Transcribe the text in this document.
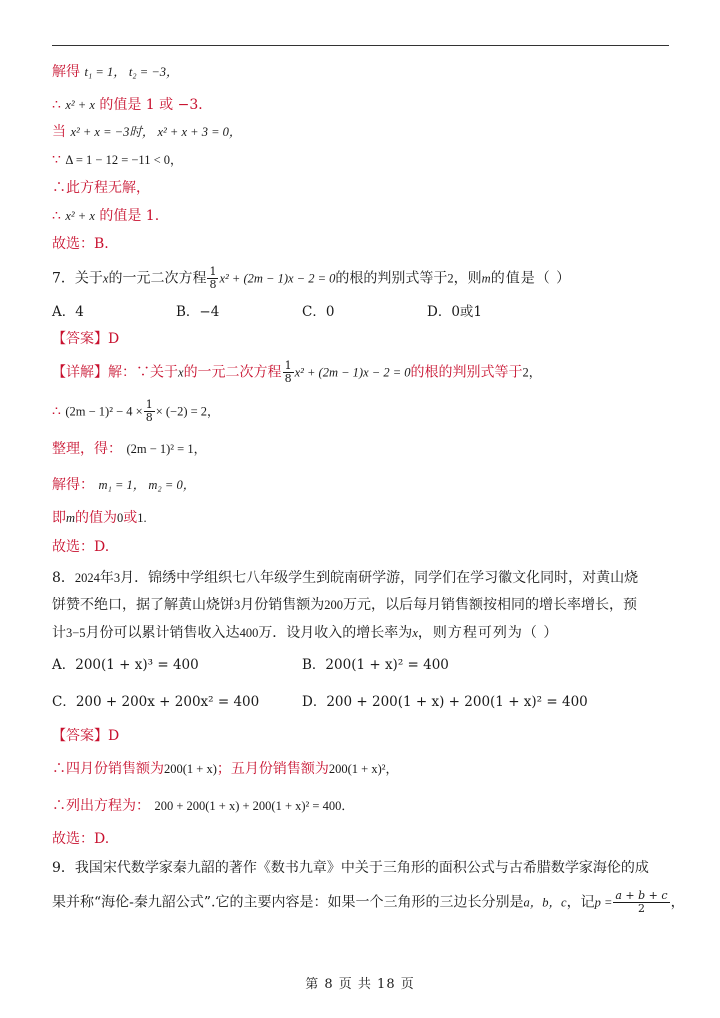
解得 t₁ = 1， t₂ = −3，
∴ x² + x 的值是 1 或 −3．
当 x² + x = −3时， x² + x + 3 = 0，
∵ Δ = 1 − 12 = −11 < 0，
∴此方程无解，
∴ x² + x 的值是 1.
故选：B.
7．关于x的一元二次方程 $\frac{1}{8} x^2 + (2m - 1)x - 2 = 0$的根的判别式等于2，则m的值是（ ）
A．4	B．−4	C．0	D．0或1
【答案】D
【详解】解：∵关于x的一元二次方程 $\frac{1}{8} x^2 + (2m - 1)x - 2 = 0$的根的判别式等于2，
∴ $(2m - 1)^2 - 4 \times \frac{1}{8} \times (-2) = 2$，
整理，得： (2m − 1)² = 1，
解得： m₁ = 1， m₂ = 0，
即m的值为0或1.
故选：D.
8．2024年3月．锦绣中学组织七八年级学生到皖南研学游，同学们在学习徽文化同时，对黄山烧
饼赞不绝口，据了解黄山烧饼3月份销售额为200万元，以后每月销售额按相同的增长率增长，预
计3−5月份可以累计销售收入达400万．设月收入的增长率为x，则方程可列为（ ）
A．200(1 + x)³ = 400	B．200(1 + x)² = 400
C．200 + 200x + 200x² = 400	D．200 + 200(1 + x) + 200(1 + x)² = 400
【答案】D
∴四月份销售额为200(1 + x)；五月份销售额为200(1 + x)²，
∴列出方程为： 200 + 200(1 + x) + 200(1 + x)² = 400．
故选：D.
9．我国宋代数学家秦九韶的著作《数书九章》中关于三角形的面积公式与古希腊数学家海伦的成
果并称“海伦-秦九韶公式”.它的主要内容是：如果一个三角形的三边长分别是a，b，c，记$p = \frac{a + b + c}{2}$ ，
第 8 页 共 18 页
